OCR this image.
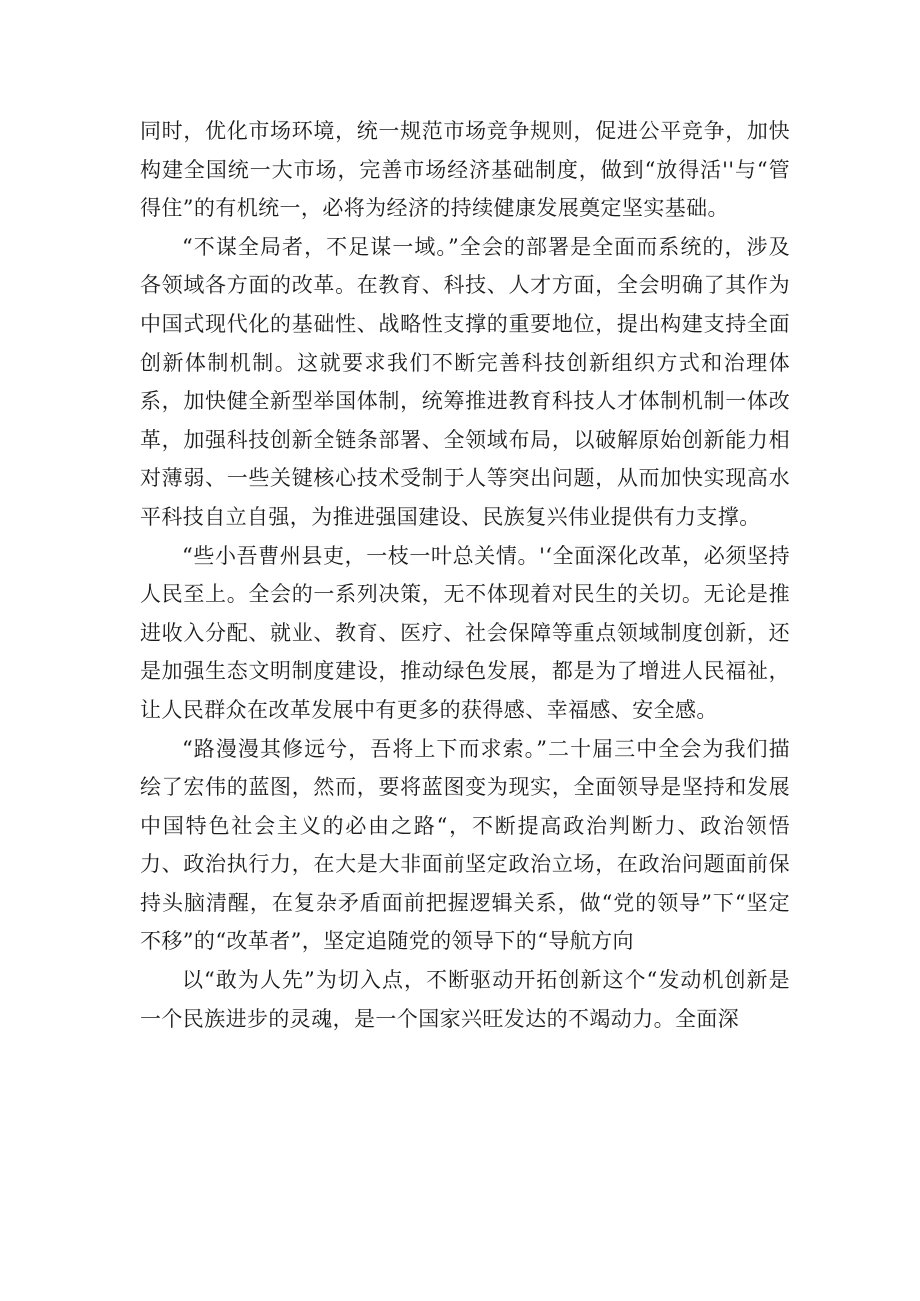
同时，优化市场环境，统一规范市场竞争规则，促进公平竞争，加快构建全国统一大市场，完善市场经济基础制度，做到“放得活''与“管得住”的有机统一，必将为经济的持续健康发展奠定坚实基础。

“不谋全局者，不足谋一域。”全会的部署是全面而系统的，涉及各领域各方面的改革。在教育、科技、人才方面，全会明确了其作为中国式现代化的基础性、战略性支撑的重要地位，提出构建支持全面创新体制机制。这就要求我们不断完善科技创新组织方式和治理体系，加快健全新型举国体制，统筹推进教育科技人才体制机制一体改革，加强科技创新全链条部署、全领域布局，以破解原始创新能力相对薄弱、一些关键核心技术受制于人等突出问题，从而加快实现高水平科技自立自强，为推进强国建设、民族复兴伟业提供有力支撑。

“些小吾曹州县吏，一枝一叶总关情。'‘全面深化改革，必须坚持人民至上。全会的一系列决策，无不体现着对民生的关切。无论是推进收入分配、就业、教育、医疗、社会保障等重点领域制度创新，还是加强生态文明制度建设，推动绿色发展，都是为了增进人民福祉，让人民群众在改革发展中有更多的获得感、幸福感、安全感。

“路漫漫其修远兮，吾将上下而求索。”二十届三中全会为我们描绘了宏伟的蓝图，然而，要将蓝图变为现实，全面领导是坚持和发展中国特色社会主义的必由之路“，不断提高政治判断力、政治领悟力、政治执行力，在大是大非面前坚定政治立场，在政治问题面前保持头脑清醒，在复杂矛盾面前把握逻辑关系，做“党的领导”下“坚定不移”的“改革者”，坚定追随党的领导下的“导航方向

以“敢为人先”为切入点，不断驱动开拓创新这个“发动机创新是一个民族进步的灵魂，是一个国家兴旺发达的不竭动力。全面深
